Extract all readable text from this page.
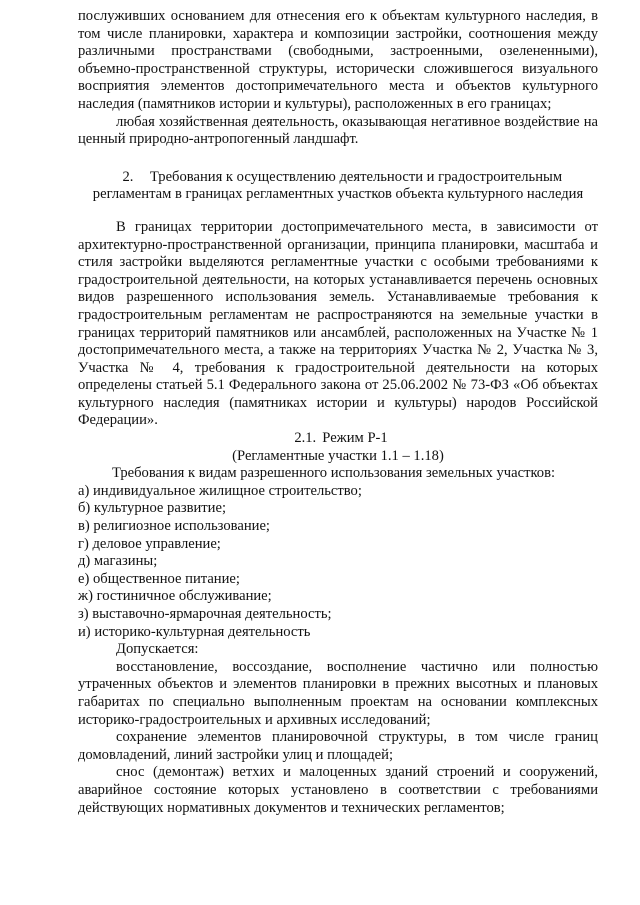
послуживших основанием для отнесения его к объектам культурного наследия, в том числе планировки, характера и композиции застройки, соотношения между различными пространствами (свободными, застроенными, озелененными), объемно-пространственной структуры, исторически сложившегося визуального восприятия элементов достопримечательного места и объектов культурного наследия (памятников истории и культуры), расположенных в его границах;

любая хозяйственная деятельность, оказывающая негативное воздействие на ценный природно-антропогенный ландшафт.

2. Требования к осуществлению деятельности и градостроительным
регламентам в границах регламентных участков объекта культурного наследия

В границах территории достопримечательного места, в зависимости от архитектурно-пространственной организации, принципа планировки, масштаба и стиля застройки выделяются регламентные участки с особыми требованиями к градостроительной деятельности, на которых устанавливается перечень основных видов разрешенного использования земель. Устанавливаемые требования к градостроительным регламентам не распространяются на земельные участки в границах территорий памятников или ансамблей, расположенных на Участке № 1 достопримечательного места, а также на территориях Участка № 2, Участка № 3, Участка № 4, требования к градостроительной деятельности на которых определены статьей 5.1 Федерального закона от 25.06.2002 № 73-ФЗ «Об объектах культурного наследия (памятниках истории и культуры) народов Российской Федерации».

2.1. Режим Р-1

(Регламентные участки 1.1 – 1.18)

Требования к видам разрешенного использования земельных участков:

а) индивидуальное жилищное строительство;
б) культурное развитие;
в) религиозное использование;
г) деловое управление;
д) магазины;
е) общественное питание;
ж) гостиничное обслуживание;
з) выставочно-ярмарочная деятельность;
и) историко-культурная деятельность

Допускается:

восстановление, воссоздание, восполнение частично или полностью утраченных объектов и элементов планировки в прежних высотных и плановых габаритах по специально выполненным проектам на основании комплексных историко-градостроительных и архивных исследований;

сохранение элементов планировочной структуры, в том числе границ домовладений, линий застройки улиц и площадей;

снос (демонтаж) ветхих и малоценных зданий строений и сооружений, аварийное состояние которых установлено в соответствии с требованиями действующих нормативных документов и технических регламентов;
